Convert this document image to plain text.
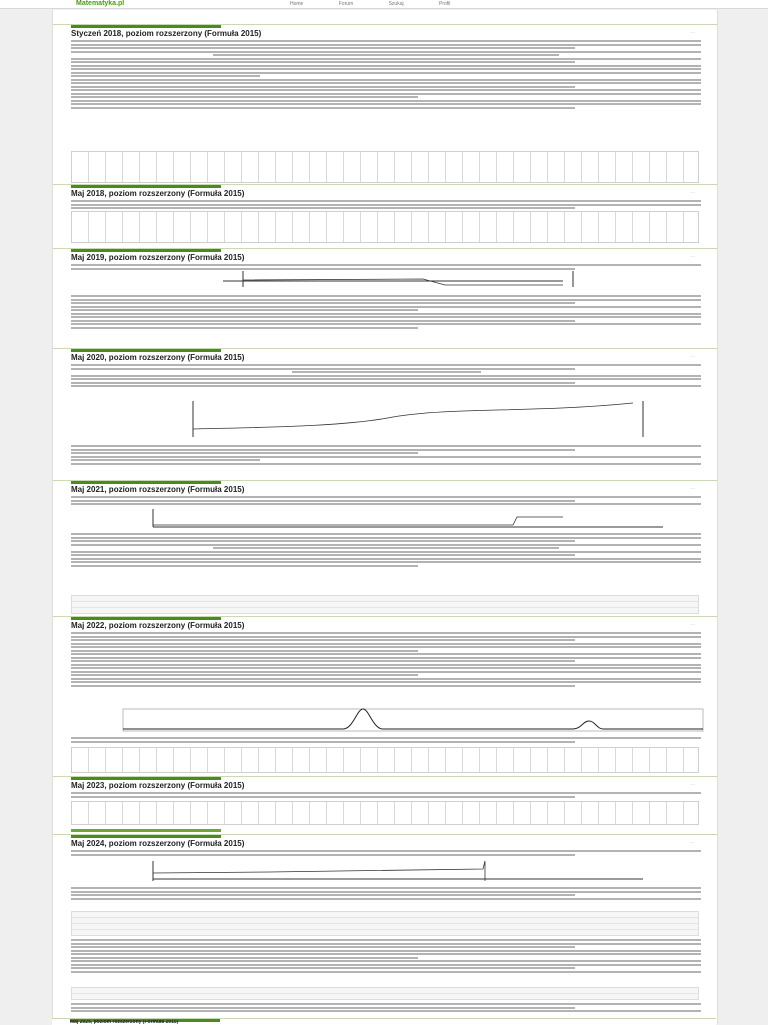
Matematyka.pl	Home	Forum	Szukaj	Profil
Styczeń 2018, poziom rozszerzony (Formuła 2015)	···
Maj 2018, poziom rozszerzony (Formuła 2015)	···
Maj 2019, poziom rozszerzony (Formuła 2015)	···
Maj 2020, poziom rozszerzony (Formuła 2015)	···
Maj 2021, poziom rozszerzony (Formuła 2015)	···
Maj 2022, poziom rozszerzony (Formuła 2015)	···
Maj 2023, poziom rozszerzony (Formuła 2015)	···
Maj 2024, poziom rozszerzony (Formuła 2015)	···
Maj 2025, poziom rozszerzony (Formuła 2015)
